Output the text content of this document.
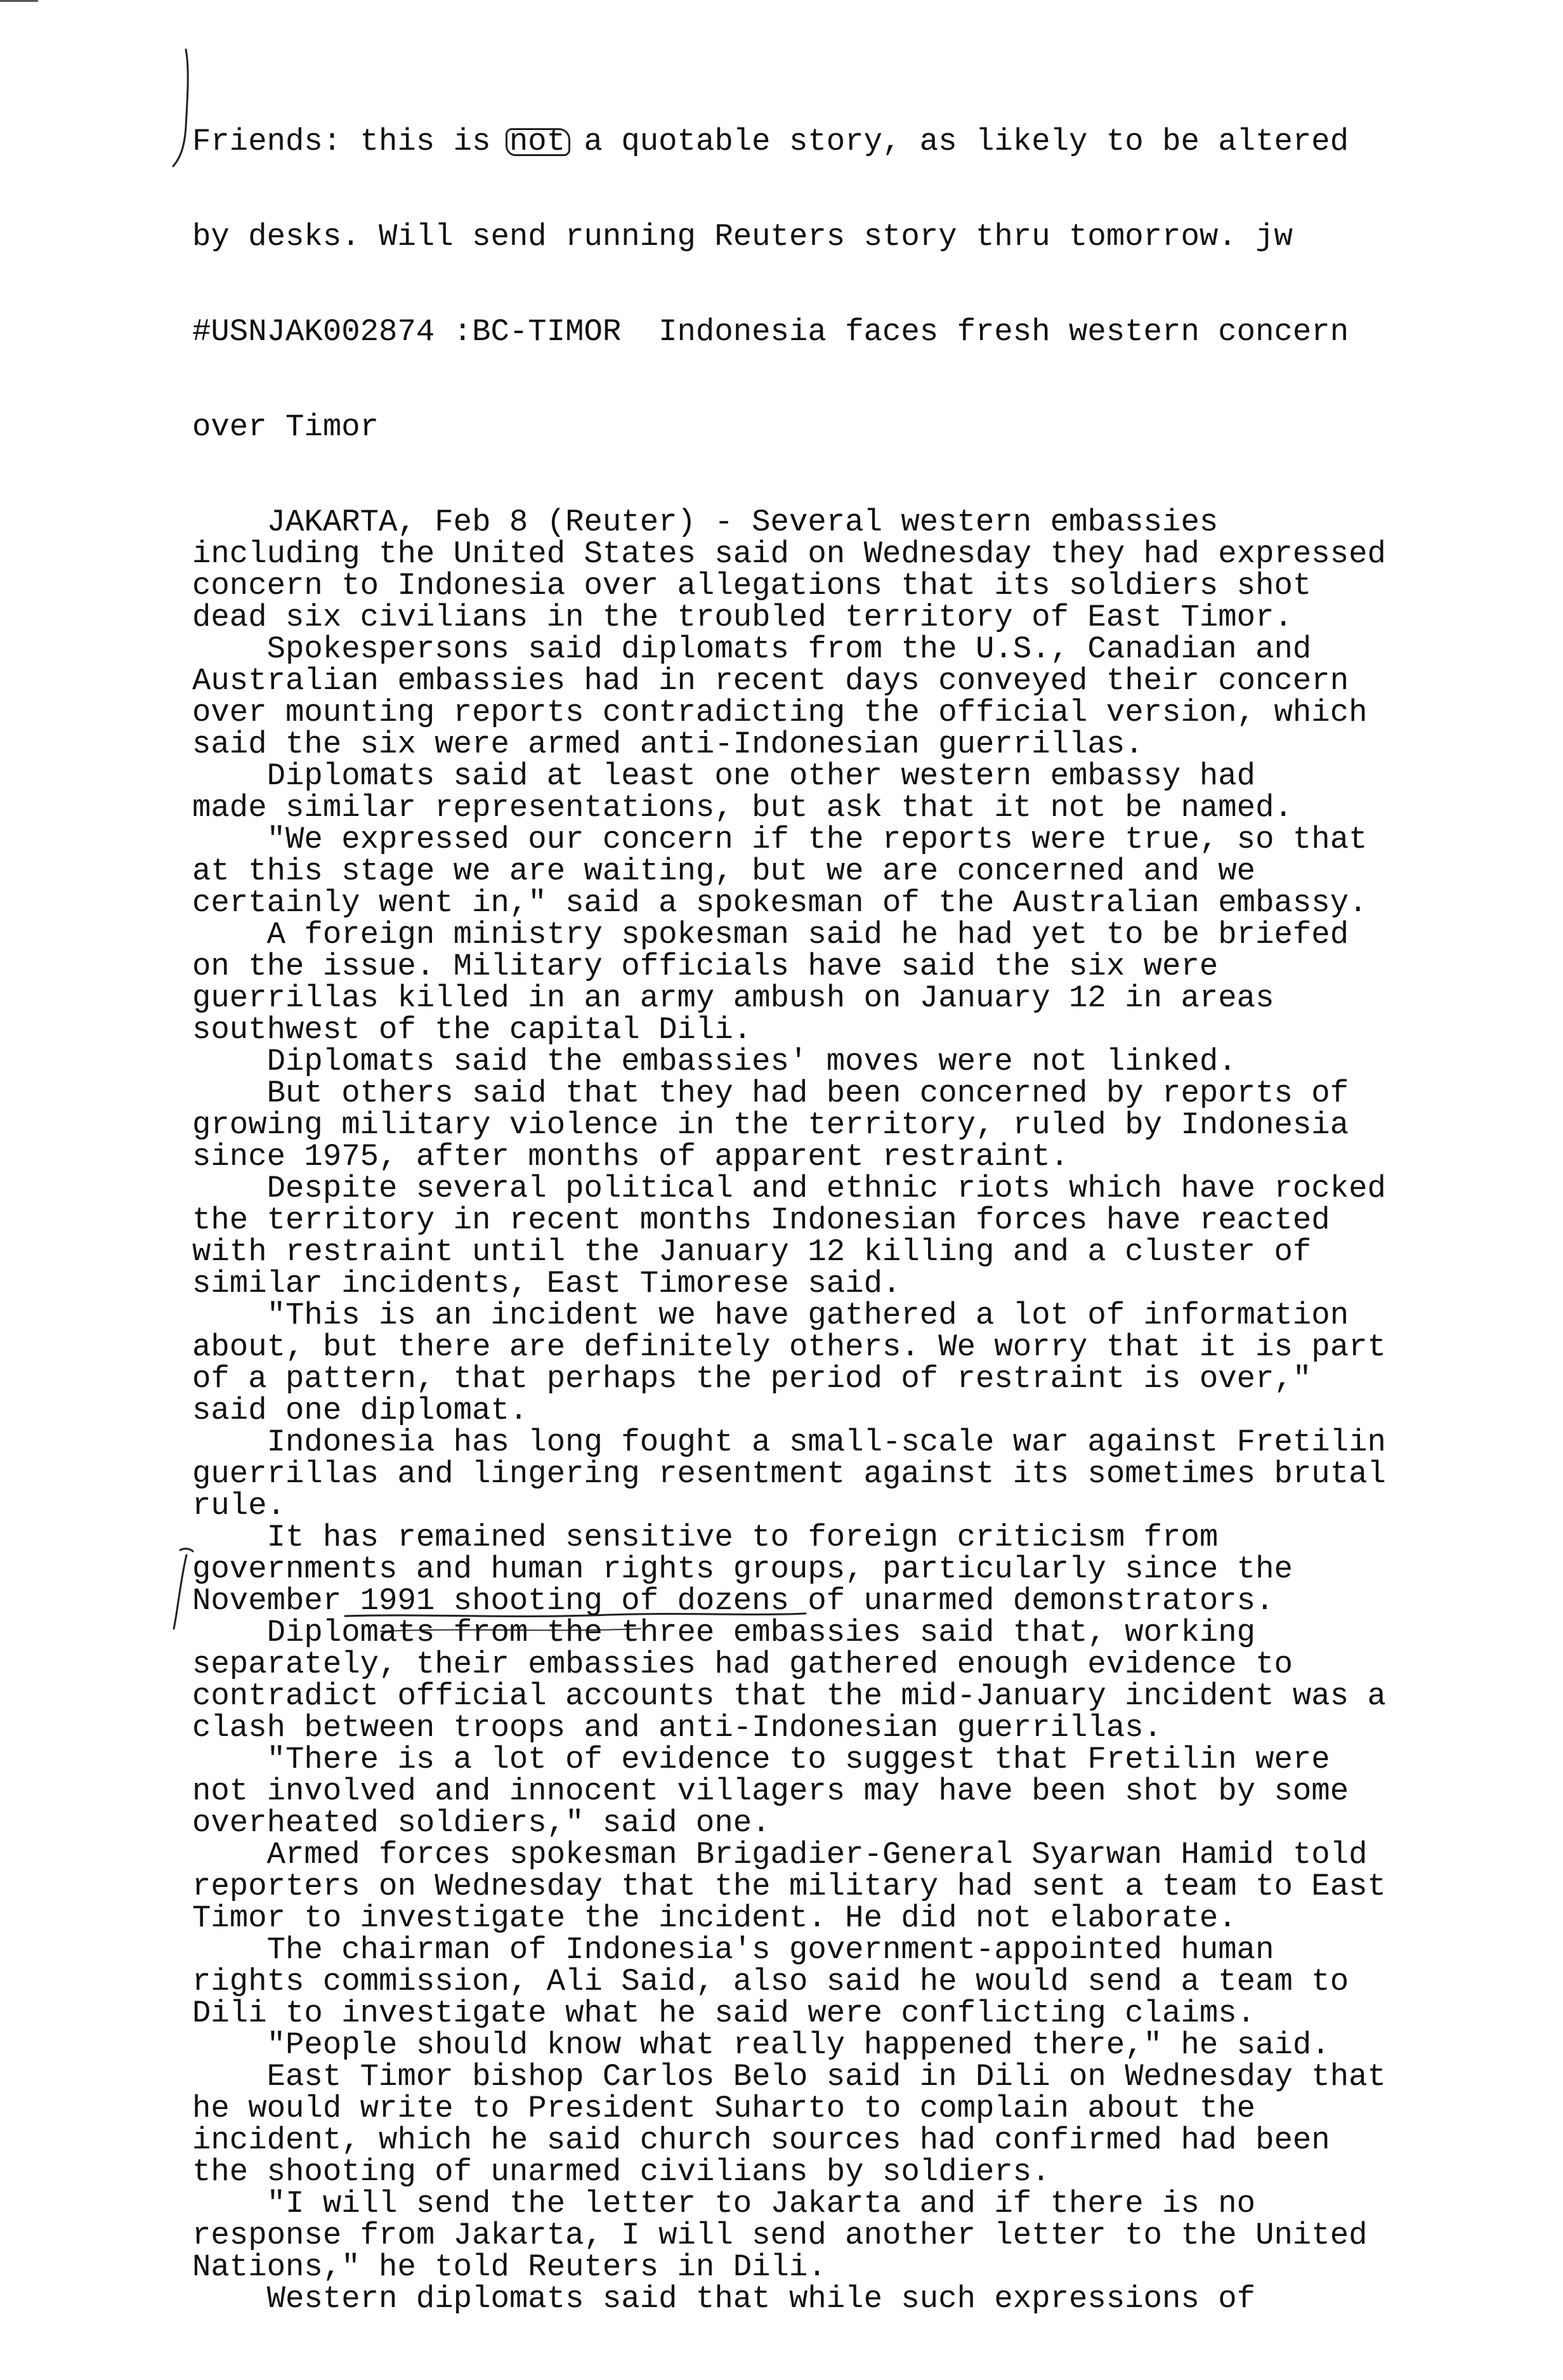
Friends: this is not a quotable story, as likely to be altered

by desks. Will send running Reuters story thru tomorrow. jw

#USNJAK002874 :BC-TIMOR  Indonesia faces fresh western concern

over Timor

JAKARTA, Feb 8 (Reuter) - Several western embassies
including the United States said on Wednesday they had expressed
concern to Indonesia over allegations that its soldiers shot
dead six civilians in the troubled territory of East Timor.
Spokespersons said diplomats from the U.S., Canadian and
Australian embassies had in recent days conveyed their concern
over mounting reports contradicting the official version, which
said the six were armed anti-Indonesian guerrillas.
Diplomats said at least one other western embassy had
made similar representations, but ask that it not be named.
"We expressed our concern if the reports were true, so that
at this stage we are waiting, but we are concerned and we
certainly went in," said a spokesman of the Australian embassy.
A foreign ministry spokesman said he had yet to be briefed
on the issue. Military officials have said the six were
guerrillas killed in an army ambush on January 12 in areas
southwest of the capital Dili.
Diplomats said the embassies' moves were not linked.
But others said that they had been concerned by reports of
growing military violence in the territory, ruled by Indonesia
since 1975, after months of apparent restraint.
Despite several political and ethnic riots which have rocked
the territory in recent months Indonesian forces have reacted
with restraint until the January 12 killing and a cluster of
similar incidents, East Timorese said.
"This is an incident we have gathered a lot of information
about, but there are definitely others. We worry that it is part
of a pattern, that perhaps the period of restraint is over,"
said one diplomat.
Indonesia has long fought a small-scale war against Fretilin
guerrillas and lingering resentment against its sometimes brutal
rule.
It has remained sensitive to foreign criticism from
governments and human rights groups, particularly since the
November 1991 shooting of dozens of unarmed demonstrators.
Diplomats from the three embassies said that, working
separately, their embassies had gathered enough evidence to
contradict official accounts that the mid-January incident was a
clash between troops and anti-Indonesian guerrillas.
"There is a lot of evidence to suggest that Fretilin were
not involved and innocent villagers may have been shot by some
overheated soldiers," said one.
Armed forces spokesman Brigadier-General Syarwan Hamid told
reporters on Wednesday that the military had sent a team to East
Timor to investigate the incident. He did not elaborate.
The chairman of Indonesia's government-appointed human
rights commission, Ali Said, also said he would send a team to
Dili to investigate what he said were conflicting claims.
"People should know what really happened there," he said.
East Timor bishop Carlos Belo said in Dili on Wednesday that
he would write to President Suharto to complain about the
incident, which he said church sources had confirmed had been
the shooting of unarmed civilians by soldiers.
"I will send the letter to Jakarta and if there is no
response from Jakarta, I will send another letter to the United
Nations," he told Reuters in Dili.
Western diplomats said that while such expressions of
